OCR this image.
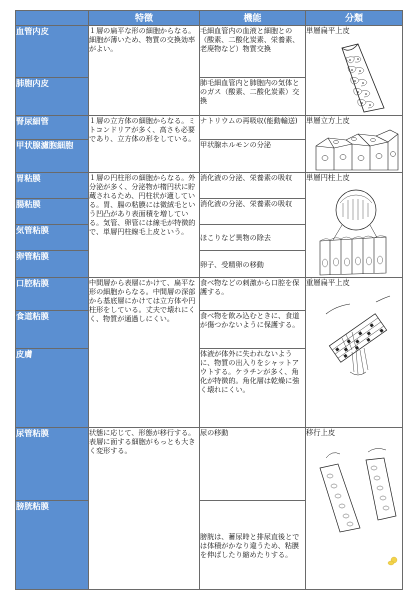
	特徴	機能	分類
血管内皮	１層の扁平な形の細胞からなる。細胞が薄いため、物質の交換効率がよい。	毛細血管内の血液と細胞との（酸素、二酸化炭素、栄養素、老廃物など）物質交換	単層扁平上皮

肺胞内皮		肺毛細血管内と肺胞内の気体とのガス（酸素、二酸化炭素）交換	
腎尿細管	１層の立方体の細胞からなる。ミトコンドリアが多く、高さも必要であり、立方体の形をしている。	ナトリウムの再吸収(能動輸送)	単層立方上皮

甲状腺濾胞細胞		甲状腺ホルモンの分泌	
胃粘膜	１層の円柱形の細胞からなる。外分泌が多く、分泌物が楕円状に貯蔵されるため、円柱状が適している。胃、腸の粘膜には微絨毛という凹凸があり表面積を増している。気管、卵管には線毛が特徴的で、単層円柱線毛上皮という。	消化液の分泌、栄養素の吸収	単層円柱上皮

腸粘膜		消化液の分泌、栄養素の吸収	
気管粘膜		ほこりなど異物の除去	
卵管粘膜		卵子、受精卵の移動	
口腔粘膜	中間層から表層にかけて、扁平な形の細胞からなる。中間層の深部から基底層にかけては立方体や円柱形をしている。丈夫で壊れにくく、物質が通過しにくい。	食べ物などの刺激から口腔を保護する。	重層扁平上皮

食道粘膜		食べ物を飲み込むときに、食道が傷つかないように保護する。	
皮膚		体液が体外に失われないように、物質の出入りをシャットアウトする。ケラチンが多く、角化が特徴的。角化層は乾燥に強く壊れにくい。	
尿管粘膜	状態に応じて、形態が移行する。表層に面する細胞がもっとも大きく変形する。	尿の移動	移行上皮

膀胱粘膜		膀胱は、蓄尿時と排尿直後とでは体積がかなり違うため、粘膜を伸ばしたり縮めたりする。	
